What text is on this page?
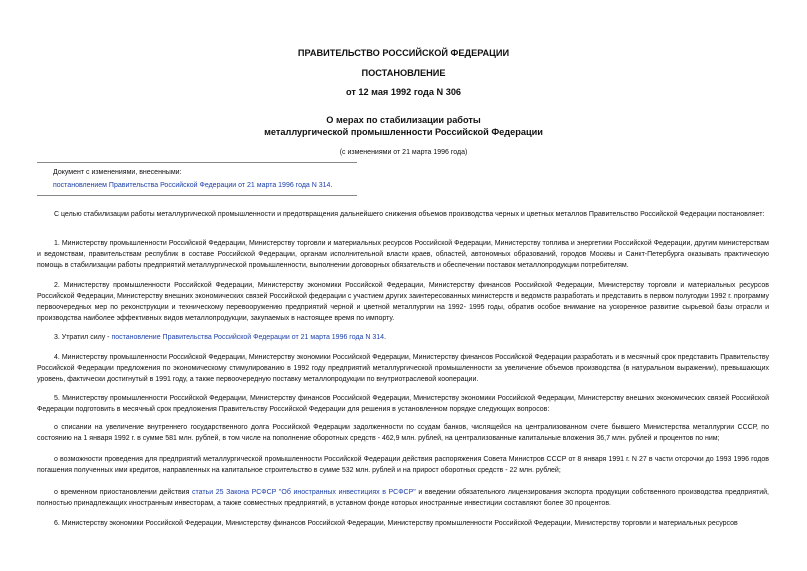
ПРАВИТЕЛЬСТВО РОССИЙСКОЙ ФЕДЕРАЦИИ

ПОСТАНОВЛЕНИЕ

от 12 мая 1992 года N 306

О мерах по стабилизации работы

металлургической промышленности Российской Федерации

(с изменениями от 21 марта 1996 года)

Документ с изменениями, внесенными:

постановлением Правительства Российской Федерации от 21 марта 1996 года N 314.

С целью стабилизации работы металлургической промышленности и предотвращения дальнейшего снижения объемов производства черных и цветных металлов Правительство Российской Федерации постановляет:

1. Министерству промышленности Российской Федерации, Министерству торговли и материальных ресурсов Российской Федерации, Министерству топлива и энергетики Российской Федерации, другим министерствам и ведомствам, правительствам республик в составе Российской Федерации, органам исполнительной власти краев, областей, автономных образований, городов Москвы и Санкт-Петербурга оказывать практическую помощь в стабилизации работы предприятий металлургической промышленности, выполнении договорных обязательств и обеспечении поставок металлопродукции потребителям.

2. Министерству промышленности Российской Федерации, Министерству экономики Российской Федерации, Министерству финансов Российской Федерации, Министерству торговли и материальных ресурсов Российской Федерации, Министерству внешних экономических связей Российской федерации с участием других заинтересованных министерств и ведомств разработать и представить в первом полугодии 1992 г. программу первоочередных мер по реконструкции и техническому перевооружению предприятий черной и цветной металлургии на 1992- 1995 годы, обратив особое внимание на ускоренное развитие сырьевой базы отрасли и производства наиболее эффективных видов металлопродукции, закупаемых в настоящее время по импорту.

3. Утратил силу - постановление Правительства Российской Федерации от 21 марта 1996 года N 314.

4. Министерству промышленности Российской Федерации, Министерству экономики Российской Федерации, Министерству финансов Российской Федерации разработать и в месячный срок представить Правительству Российской Федерации предложения по экономическому стимулированию в 1992 году предприятий металлургической промышленности за увеличение объемов производства (в натуральном выражении), превышающих уровень, фактически достигнутый в 1991 году, а также первоочередную поставку металлопродукции по внутриотраслевой кооперации.

5. Министерству промышленности Российской Федерации, Министерству финансов Российской Федерации, Министерству экономики Российской Федерации, Министерству внешних экономических связей Российской Федерации подготовить в месячный срок предложения Правительству Российской Федерации для решения в установленном порядке следующих вопросов:

о списании на увеличение внутреннего государственного долга Российской Федерации задолженности по ссудам банков, числящейся на централизованном счете бывшего Министерства металлургии СССР, по состоянию на 1 января 1992 г. в сумме 581 млн. рублей, в том числе на пополнение оборотных средств - 462,9 млн. рублей, на централизованные капитальные вложения 36,7 млн. рублей и процентов по ним;

о возможности проведения для предприятий металлургической промышленности Российской Федерации действия распоряжения Совета Министров СССР от 8 января 1991 г. N 27 в части отсрочки до 1993 1996 годов погашения полученных ими кредитов, направленных на капитальное строительство в сумме 532 млн. рублей и на прирост оборотных средств - 22 млн. рублей;

о временном приостановлении действия статьи 25 Закона РСФСР "Об иностранных инвестициях в РСФСР" и введении обязательного лицензирования экспорта продукции собственного производства предприятий, полностью принадлежащих иностранным инвесторам, а также совместных предприятий, в уставном фонде которых иностранные инвестиции составляют более 30 процентов.

6. Министерству экономики Российской Федерации, Министерству финансов Российской Федерации, Министерству промышленности Российской Федерации, Министерству торговли и материальных ресурсов
